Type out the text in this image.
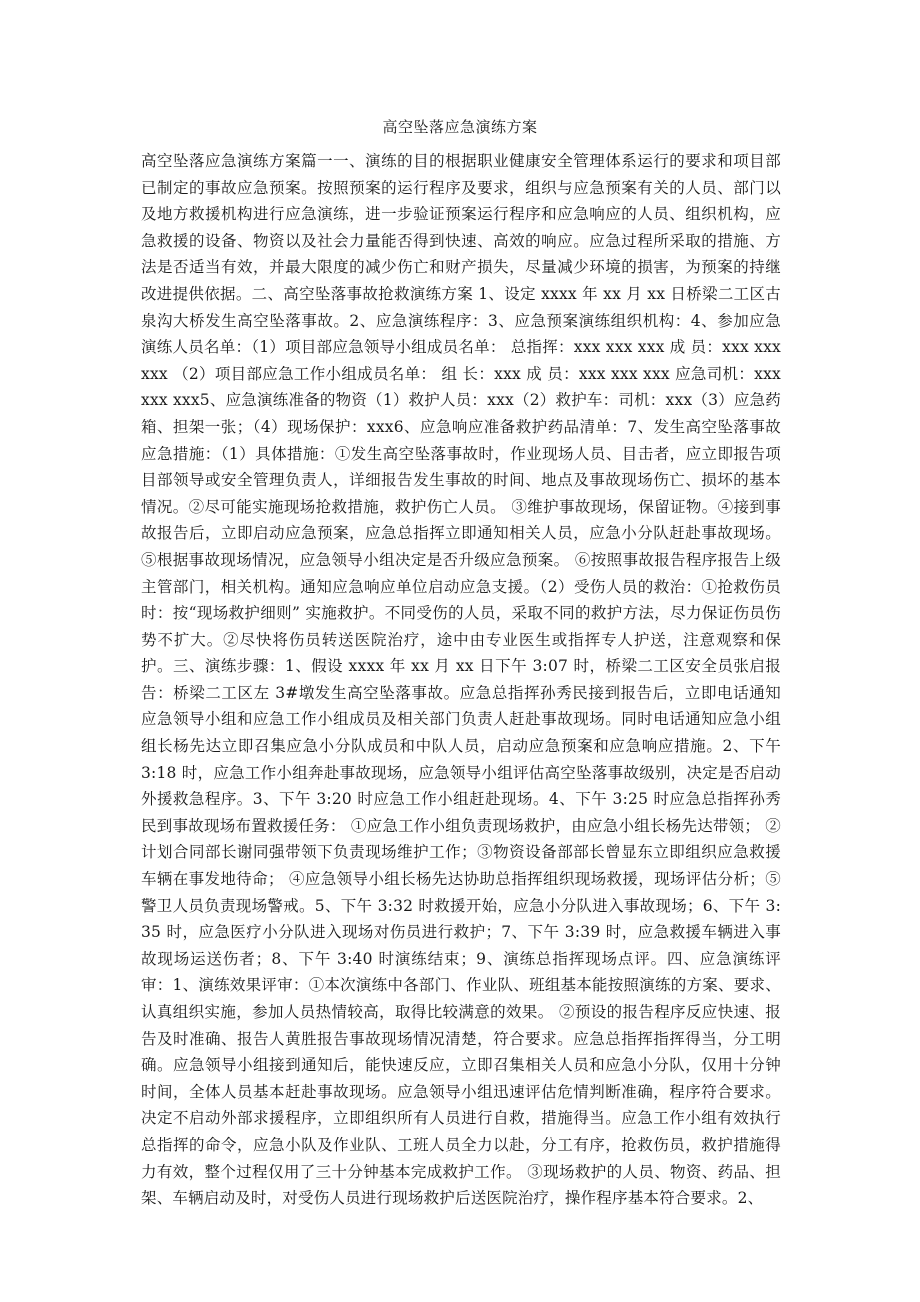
高空坠落应急演练方案
高空坠落应急演练方案篇一一、演练的目的根据职业健康安全管理体系运行的要求和项目部已制定的事故应急预案。按照预案的运行程序及要求，组织与应急预案有关的人员、部门以及地方救援机构进行应急演练，进一步验证预案运行程序和应急响应的人员、组织机构，应急救援的设备、物资以及社会力量能否得到快速、高效的响应。应急过程所采取的措施、方法是否适当有效，并最大限度的减少伤亡和财产损失，尽量减少环境的损害，为预案的持继改进提供依据。二、高空坠落事故抢救演练方案 1、设定 xxxx 年 xx 月 xx 日桥梁二工区古泉沟大桥发生高空坠落事故。2、应急演练程序：3、应急预案演练组织机构：4、参加应急演练人员名单：（1）项目部应急领导小组成员名单： 总指挥：xxx xxx xxx 成 员：xxx xxx xxx （2）项目部应急工作小组成员名单： 组 长：xxx 成 员：xxx xxx xxx 应急司机：xxx xxx xxx5、应急演练准备的物资（1）救护人员：xxx（2）救护车：司机：xxx（3）应急药箱、担架一张；（4）现场保护：xxx6、应急响应准备救护药品清单：7、发生高空坠落事故应急措施：（1）具体措施：①发生高空坠落事故时，作业现场人员、目击者，应立即报告项目部领导或安全管理负责人，详细报告发生事故的时间、地点及事故现场伤亡、损坏的基本情况。②尽可能实施现场抢救措施，救护伤亡人员。 ③维护事故现场，保留证物。④接到事故报告后，立即启动应急预案，应急总指挥立即通知相关人员，应急小分队赶赴事故现场。⑤根据事故现场情况，应急领导小组决定是否升级应急预案。 ⑥按照事故报告程序报告上级主管部门，相关机构。通知应急响应单位启动应急支援。（2）受伤人员的救治：①抢救伤员时：按“现场救护细则” 实施救护。不同受伤的人员，采取不同的救护方法，尽力保证伤员伤势不扩大。②尽快将伤员转送医院治疗，途中由专业医生或指挥专人护送，注意观察和保护。三、演练步骤：1、假设 xxxx 年 xx 月 xx 日下午 3:07 时，桥梁二工区安全员张启报告：桥梁二工区左 3#墩发生高空坠落事故。应急总指挥孙秀民接到报告后，立即电话通知应急领导小组和应急工作小组成员及相关部门负责人赶赴事故现场。同时电话通知应急小组组长杨先达立即召集应急小分队成员和中队人员，启动应急预案和应急响应措施。2、下午 3:18 时，应急工作小组奔赴事故现场，应急领导小组评估高空坠落事故级别，决定是否启动外援救急程序。3、下午 3:20 时应急工作小组赶赴现场。4、下午 3:25 时应急总指挥孙秀民到事故现场布置救援任务： ①应急工作小组负责现场救护，由应急小组长杨先达带领； ②计划合同部长谢同强带领下负责现场维护工作；③物资设备部部长曾显东立即组织应急救援车辆在事发地待命； ④应急领导小组长杨先达协助总指挥组织现场救援，现场评估分析；⑤警卫人员负责现场警戒。5、下午 3:32 时救援开始，应急小分队进入事故现场；6、下午 3:35 时，应急医疗小分队进入现场对伤员进行救护；7、下午 3:39 时，应急救援车辆进入事故现场运送伤者；8、下午 3:40 时演练结束；9、演练总指挥现场点评。四、应急演练评审：1、演练效果评审：①本次演练中各部门、作业队、班组基本能按照演练的方案、要求、认真组织实施，参加人员热情较高，取得比较满意的效果。 ②预设的报告程序反应快速、报告及时准确、报告人黄胜报告事故现场情况清楚，符合要求。应急总指挥指挥得当，分工明确。应急领导小组接到通知后，能快速反应，立即召集相关人员和应急小分队，仅用十分钟时间，全体人员基本赶赴事故现场。应急领导小组迅速评估危情判断准确，程序符合要求。决定不启动外部求援程序，立即组织所有人员进行自救，措施得当。应急工作小组有效执行总指挥的命令，应急小队及作业队、工班人员全力以赴，分工有序，抢救伤员，救护措施得力有效，整个过程仅用了三十分钟基本完成救护工作。 ③现场救护的人员、物资、药品、担架、车辆启动及时，对受伤人员进行现场救护后送医院治疗，操作程序基本符合要求。2、
